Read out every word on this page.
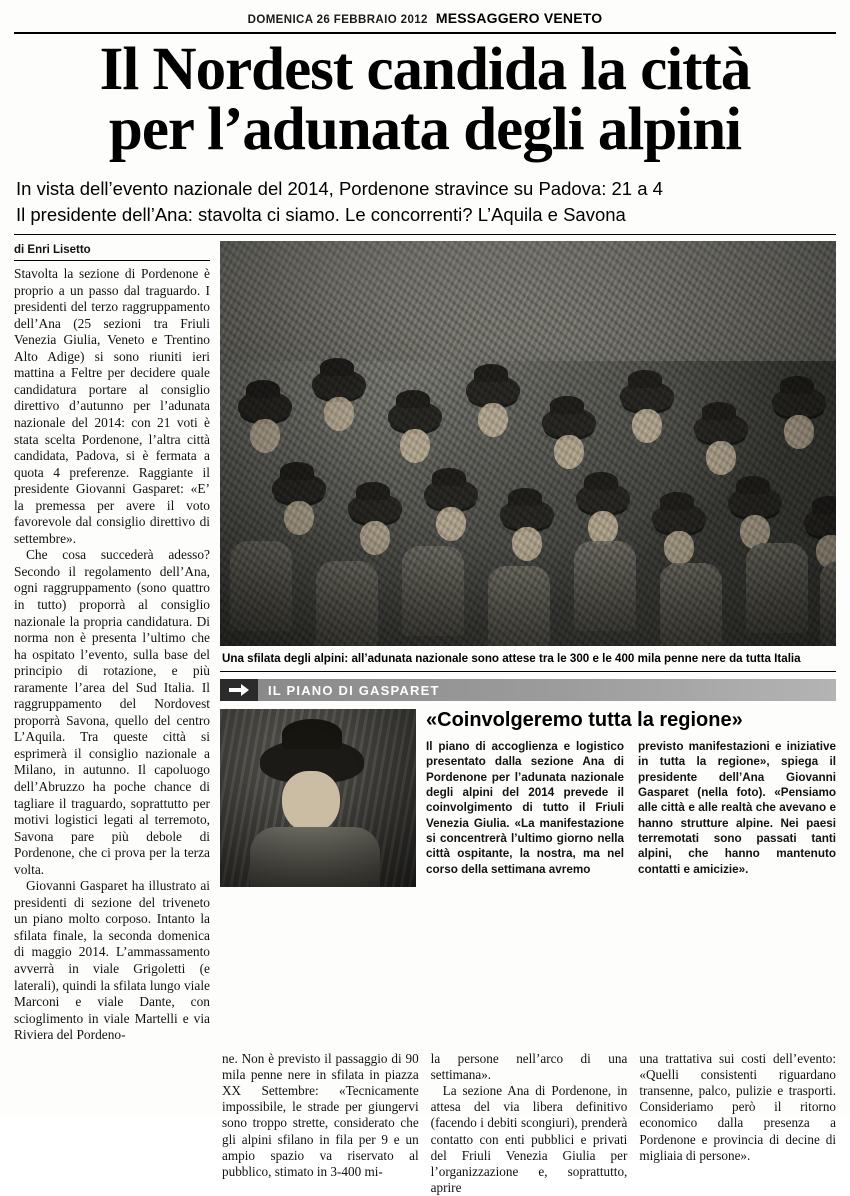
DOMENICA 26 FEBBRAIO 2012 MESSAGGERO VENETO
Il Nordest candida la città
per l’adunata degli alpini
In vista dell’evento nazionale del 2014, Pordenone stravince su Padova: 21 a 4
Il presidente dell’Ana: stavolta ci siamo. Le concorrenti? L’Aquila e Savona
di Enri Lisetto

Stavolta la sezione di Pordenone è proprio a un passo dal traguardo. I presidenti del terzo raggruppamento dell’Ana (25 sezioni tra Friuli Venezia Giulia, Veneto e Trentino Alto Adige) si sono riuniti ieri mattina a Feltre per decidere quale candidatura portare al consiglio direttivo d’autunno per l’adunata nazionale del 2014: con 21 voti è stata scelta Pordenone, l’altra città candidata, Padova, si è fermata a quota 4 preferenze. Raggiante il presidente Giovanni Gasparet: «E’ la premessa per avere il voto favorevole dal consiglio direttivo di settembre».

Che cosa succederà adesso? Secondo il regolamento dell’Ana, ogni raggruppamento (sono quattro in tutto) proporrà al consiglio nazionale la propria candidatura. Di norma non è presenta l’ultimo che ha ospitato l’evento, sulla base del principio di rotazione, e più raramente l’area del Sud Italia. Il raggruppamento del Nordovest proporrà Savona, quello del centro L’Aquila. Tra queste città si esprimerà il consiglio nazionale a Milano, in autunno. Il capoluogo dell’Abruzzo ha poche chance di tagliare il traguardo, soprattutto per motivi logistici legati al terremoto, Savona pare più debole di Pordenone, che ci prova per la terza volta.

Giovanni Gasparet ha illustrato ai presidenti di sezione del triveneto un piano molto corposo. Intanto la sfilata finale, la seconda domenica di maggio 2014. L’ammassamento avverrà in viale Grigoletti (e laterali), quindi la sfilata lungo viale Marconi e viale Dante, con scioglimento in viale Martelli e via Riviera del Pordeno-

Una sfilata degli alpini: all’adunata nazionale sono attese tra le 300 e le 400 mila penne nere da tutta Italia
IL PIANO DI GASPARET
«Coinvolgeremo tutta la regione»

Il piano di accoglienza e logistico presentato dalla sezione Ana di Pordenone per l’adunata nazionale degli alpini del 2014 prevede il coinvolgimento di tutto il Friuli Venezia Giulia. «La manifestazione si concentrerà l’ultimo giorno nella città ospitante, la nostra, ma nel corso della settimana avremo

previsto manifestazioni e iniziative in tutta la regione», spiega il presidente dell’Ana Giovanni Gasparet (nella foto). «Pensiamo alle città e alle realtà che avevano e hanno strutture alpine. Nei paesi terremotati sono passati tanti alpini, che hanno mantenuto contatti e amicizie».

ne. Non è previsto il passaggio di 90 mila penne nere in sfilata in piazza XX Settembre: «Tecnicamente impossibile, le strade per giungervi sono troppo strette, considerato che gli alpini sfilano in fila per 9 e un ampio spazio va riservato al pubblico, stimato in 3-400 mi-

la persone nell’arco di una settimana».

La sezione Ana di Pordenone, in attesa del via libera definitivo (facendo i debiti scongiuri), prenderà contatto con enti pubblici e privati del Friuli Venezia Giulia per l’organizzazione e, soprattutto, aprire

una trattativa sui costi dell’evento: «Quelli consistenti riguardano transenne, palco, pulizie e trasporti. Consideriamo però il ritorno economico dalla presenza a Pordenone e provincia di decine di migliaia di persone».
